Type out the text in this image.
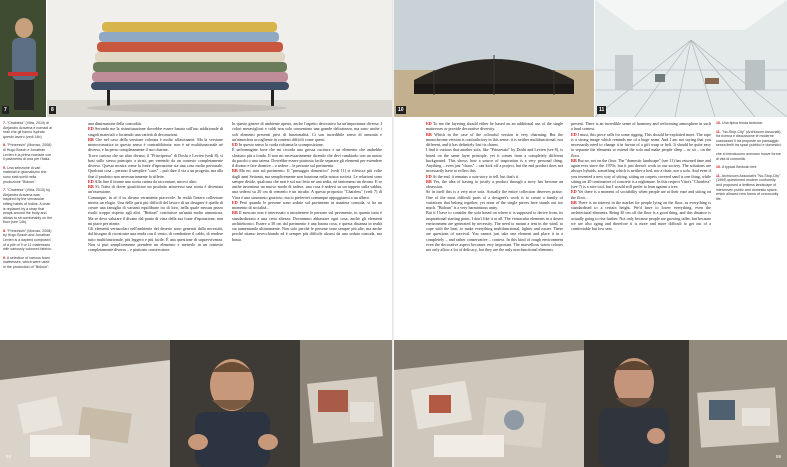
7	8
7. "Chairless" (Vitra, 2010) di Alejandro Aravena e nomadi ai reali che gli hanno ispirato questo lavoro (vedi 14b).
8. "Prinzessin" (Moroso, 2008) di Hugo Bosch e Jonathan Levien è la prima nomade con il pavimento di una per l'Italia.
9. Una selezione di vari materiali in giornalismo che sono stati scelti nella produzione "Bidoun".
7. "Chairless" (Vitra, 2010) by Alejandro Aravena was inspired by the vernacular sitting habits of Indios. A chair is replaced by a strap that wraps around the body and allows to sit comfortably on the floor (see 14b).
8. "Prinzessin" (Moroso, 2008) by Hugo Bosch and Jonathan Levien is a daybed composed of a pile of 9 or 11 mattresses with variously coloured fabrics.
9. A selection of various foam mattresses, which were used in the production of "Bidoun".

una diminuzione della comodità.

ED Secondo me la ristrutturazione dovrebbe essere basata sull'uso addizionale di singoli materiali o fornendo una varietà di decorazioni.

RB Che nel caso della versione colorata è molto affascinante. Ma la versione monocromatica in questo senso è contraddittoria: non è né multifunzionale né diversa, e ha perso completamente il suo charme.

Trovo curioso che un altro divano, il "Principessa" di Doshi e Levien (vedi 8), si basi sullo stesso principio a strati, per venendo da un contesto completamente diverso. Questo mostra come la fonte d'ispirazione sia una cosa molto personale. Qualcuni cosa – persino il semplice "caos" – può dare il via a un progetto, ma alla fine il prodotto non necessariamente lo riflette.

ED Alla fine il tirarne una storia carina da raccontare, miceci altro.

RB Sì, l'idea di dover giustificare un prodotto attraverso una storia è diventata un'ossessione.

Comunque, in sé il su divano veramente piacevole. In realtà l'intera collezione merita un elogio. Una delle parti più difficili del lavoro di un designer è quella di creare una famiglia di varianti equilibrate tra di loro, nella quale nessun pezzo risulti troppo rispetto agli altri. "Bidoun" costituisce un'unità molto armoniosa. Ma se devo valutare il divano dal punto di vista della sua fonte d'ispirazione, non mi piace per niente.

Gli elementi vernacolari nell'ambiente del deserto sono generati dalla necessità, dal bisogno di ricostruire una tenda con il vento, di combattere il caldo, di rendere tutto multifunzionale, più leggero e più facile. È una questione di sopravvivenza. Non si può semplicemente prendere un elemento e metterlo in un contesto completamente diverso – e piuttosto conservatore.

In questo genere di ambiente aperto, anche l'aspetto decorativo ha un'importanza diversa. I colori meravigliosi e caldi non solo consentono una grande delicatezza, ma sono anche i soli elementi presenti privi di funzionalità. Ci son incredibile senso di armonia e un'atmosfera accogliente in contesti difficili come questi.

ED In questo senso la corda richiama la scomposizione.

È un'immagine forte che mi ricorda una grossa cucitura e un elemento che andrebbe sfruttato più a fondo. Il non mi necessariamente dicendo che devi cambiarlo con un nastro da pacchi o una catena. Dovrebbe essere piuttosto facile separare gli elementi per estendere il divano e fare dormire – o sedere – le persone sul pavimento.

RB Ma no, non sul pavimento. Il "paesaggio domestico" (vedi 11) si riferisce più volte dagli anni Settanta, ma semplicemente non funziona nella nostra società. Le relazioni sono sempre divide, qualcuna che non è sul suo letto né una sedia, né tantomeno un divano. E se anche inventassi un nuovo modo di sedere, una cosa è sedersi su un tappeto sulla sabbia, una sedersi su 20 cm di cemento è un incubo. A questo proposito "Chairless" (vedi 7) di Vitra è uno strumento grazioso, ma io preferirei comunque appoggiarmi a un albero.

ED Però quando le persone sono sedute sul pavimento in maniera comoda, si ha un momento di socialità...

RB Il mercato non è interessato a intrattenere le persone sul pavimento, in quanto tutto è standardizzato a una certa altezza. Dovremmo abbassare ogni cosa, anche gli elementi architettonici. Essere a 30 cm dal pavimento è una buona cosa, e questa distanza in realtà sta aumentando ultimamente. Non solo perché le persone sono sempre più alte, ma anche perché stiamo invecchiando ed è sempre più difficile alzarsi da una seduta comoda, ma bassa.

54
10	11

ED To me the layering should either be based on an additional use of the single mattresses or provide decorative diversity.

RB Which in the case of the colourful version is very charming. But the monochrome version is contradictory in this sense: it is neither multifunctional, nor different, and it has definitely lost its charm.

I find it curious that another sofa, like "Prinzessin" by Doshi and Levien (see 8), is based on the same layer principle, yet it comes from a completely different background. This shows how a source of inspiration is a very personal thing. Anything – even just "chaos" – can kick off a project, but the end product does not necessarily have to reflect this.

ED At the end, it remains a cute story to tell, but that's it.

RB Yes, the idea of having to justify a product through a story has become an obsession.

So in itself this is a very nice sofa. Actually the entire collection deserves praise. One of the most difficult parts of a designer's work is to create a family of variations that belong together, yet none of the single pieces here stands out too much. "Bidoun" is a very harmonious unity.

But if I have to consider the sofa based on where it is supposed to derive from, its inspirational starting point, I don't like it at all. The vernacular elements in a desert environment are generated by necessity. The need to mount a tent in the wind, to cope with the heat, to make everything multifunctional, lighter and easier. These are questions of survival. You cannot just take one element and place it in a completely – and rather conservative – context. In this kind of rough environment even the decorative aspect becomes very important. The marvellous warm colours not only allow a lot of delicacy, but they are the only non-functional elements

present. There is an incredible sense of harmony and welcoming atmosphere in such a hard context.

ED I must, this piece calls for some rigging. This should be exploited more. The rope is a strong image which reminds me of a huge seam. And I am not saying that you necessarily need to change it in favour of a gift wrap or belt. It should be quite easy to separate the elements to extend the sofa and make people sleep – or sit – on the floor.

RB But no, not on the floor. The "domestic landscape" (see 11) has returned time and again ever since the 1970s, but it just doesn't work in our society. The solutions are always hybrids, something which is neither a bed, nor a chair, nor a sofa. And even if you invented a new way of sitting, sitting on carpets covered sand is one thing, while sitting on 20 centimetres of concrete is a nightmare. In this respect Vitra's "Chairless" (see 7) is a nice tool, but I would still prefer to lean against a tree.

ED Yet there is a moment of sociability when people are at their ease and sitting on the floor...

RB There is no interest in the market for people lying on the floor, as everything is standardised to a certain height. We'd have to lower everything, even the architectural elements. Being 30 cm off the floor is a good thing, and this distance is actually going to rise further. Not only because people are growing taller, but because we are also aging and therefore it is more and more difficult to get out of a comfortable but low seat.

10. Una tipica tenda beduina.
11. "No-Stop-City" (Archizoom Associati), fra ricerca e discussione le moderne costruzioni il tra proposte un paesaggio senza limiti tra spazi pubblici e domestici.
che si introducono avevano nuove forme di vita di comunità.
10. A typical Bedouin tent.
11. Archizoom Associati's "No-Stop-City" (1969) questioned modern conformity and proposed a limitless landscape of interwoven public and domestic space, which allowed new forms of community life.
55
